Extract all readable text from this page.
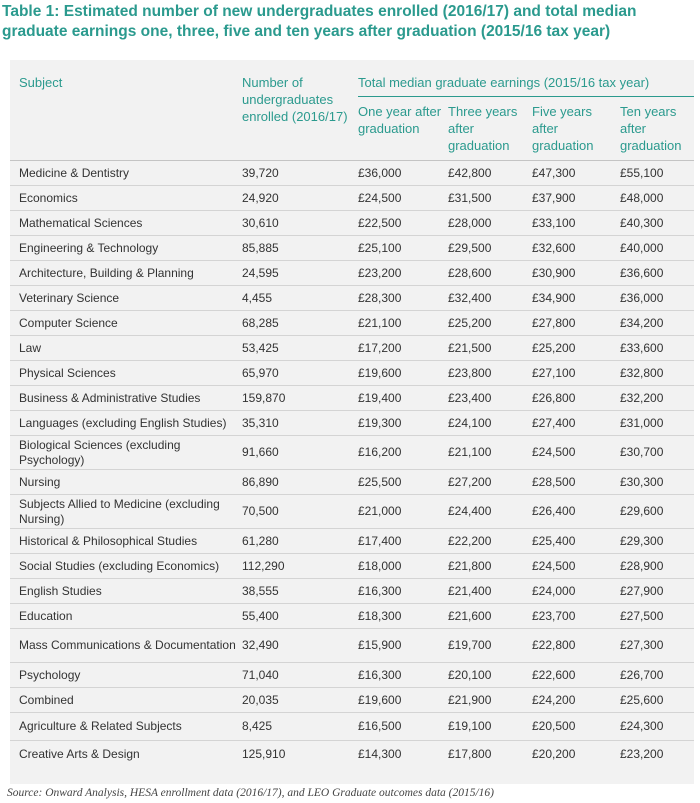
Table 1: Estimated number of new undergraduates enrolled (2016/17) and total median graduate earnings one, three, five and ten years after graduation (2015/16 tax year)
Subject	Number of undergraduates enrolled (2016/17)	Total median graduate earnings (2015/16 tax year)			
		One year after graduation	Three years after graduation	Five years after graduation	Ten years after graduation
Medicine & Dentistry	39,720	£36,000	£42,800	£47,300	£55,100
Economics	24,920	£24,500	£31,500	£37,900	£48,000
Mathematical Sciences	30,610	£22,500	£28,000	£33,100	£40,300
Engineering & Technology	85,885	£25,100	£29,500	£32,600	£40,000
Architecture, Building & Planning	24,595	£23,200	£28,600	£30,900	£36,600
Veterinary Science	4,455	£28,300	£32,400	£34,900	£36,000
Computer Science	68,285	£21,100	£25,200	£27,800	£34,200
Law	53,425	£17,200	£21,500	£25,200	£33,600
Physical Sciences	65,970	£19,600	£23,800	£27,100	£32,800
Business & Administrative Studies	159,870	£19,400	£23,400	£26,800	£32,200
Languages (excluding English Studies)	35,310	£19,300	£24,100	£27,400	£31,000
Biological Sciences (excluding Psychology)	91,660	£16,200	£21,100	£24,500	£30,700
Nursing	86,890	£25,500	£27,200	£28,500	£30,300
Subjects Allied to Medicine (excluding Nursing)	70,500	£21,000	£24,400	£26,400	£29,600
Historical & Philosophical Studies	61,280	£17,400	£22,200	£25,400	£29,300
Social Studies (excluding Economics)	112,290	£18,000	£21,800	£24,500	£28,900
English Studies	38,555	£16,300	£21,400	£24,000	£27,900
Education	55,400	£18,300	£21,600	£23,700	£27,500
Mass Communications & Documentation	32,490	£15,900	£19,700	£22,800	£27,300
Psychology	71,040	£16,300	£20,100	£22,600	£26,700
Combined	20,035	£19,600	£21,900	£24,200	£25,600
Agriculture & Related Subjects	8,425	£16,500	£19,100	£20,500	£24,300
Creative Arts & Design	125,910	£14,300	£17,800	£20,200	£23,200
Source: Onward Analysis, HESA enrollment data (2016/17), and LEO Graduate outcomes data (2015/16)
